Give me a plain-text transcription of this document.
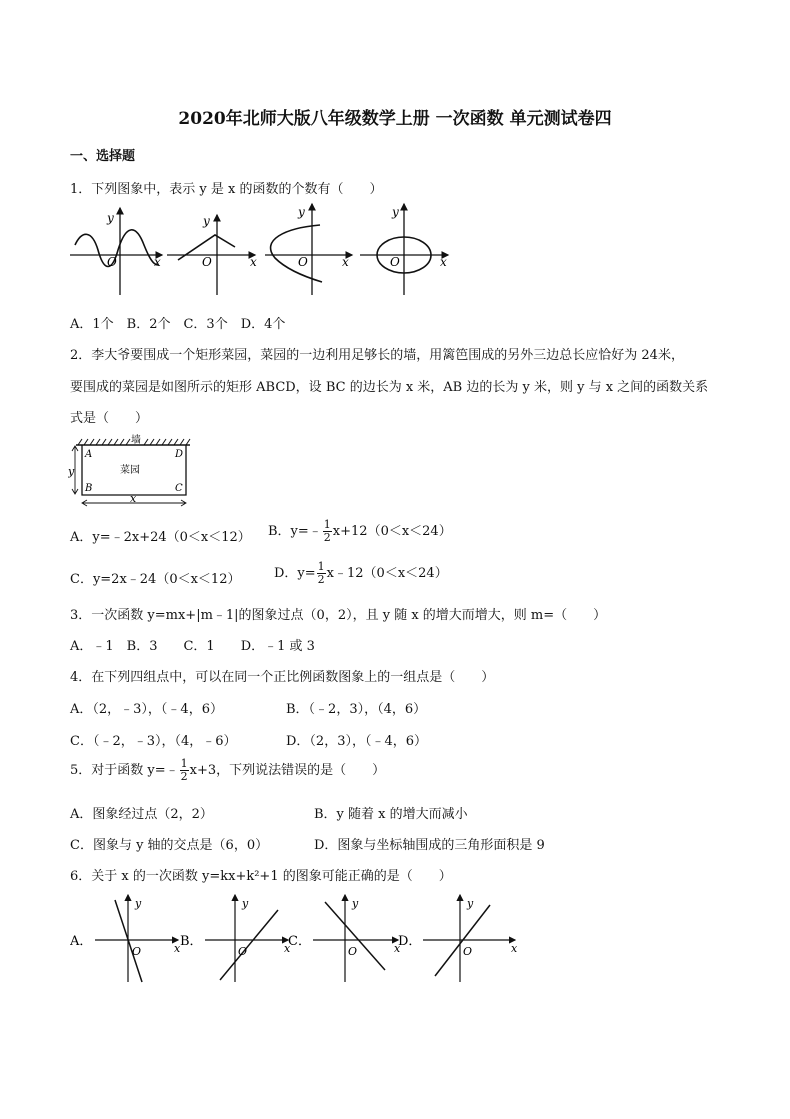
2020年北师大版八年级数学上册 一次函数 单元测试卷四
一、选择题
1．下列图象中，表示 y 是 x 的函数的个数有（　　）
y
x
O
y
x
O
y
x
O
y
x
O
A．1个　B．2个　C．3个　D．4个
2．李大爷要围成一个矩形菜园，菜园的一边利用足够长的墙，用篱笆围成的另外三边总长应恰好为 24米，
要围成的菜园是如图所示的矩形 ABCD，设 BC 的边长为 x 米，AB 边的长为 y 米，则 y 与 x 之间的函数关系
式是（　　）
墙
A	D
B	C
菜园
y
x
A．y=﹣2x+24（0＜x＜12） B．y=﹣ $\frac{1}{2} x+12(0<x<24)$
C．y=2x﹣24（0＜x＜12）	D．$y= \frac{1}{2}$ x﹣12（0＜x＜24）
3．一次函数 y=mx+|m﹣1|的图象过点（0，2），且 y 随 x 的增大而增大，则 m=（　　）
A．﹣1　B．3　　C．1　　D．﹣1 或 3
4．在下列四组点中，可以在同一个正比例函数图象上的一组点是（　　）
A．（2，﹣3），（﹣4，6）	B．（﹣2，3），（4，6）
C．（﹣2，﹣3），（4，﹣6）	D．（2，3），（﹣4，6）
5．对于函数 y=﹣ $\frac{1}{2} x+3$，下列说法错误的是（　　）
A．图象经过点（2，2）	B．y 随着 x 的增大而减小
C．图象与 y 轴的交点是（6，0）	D．图象与坐标轴围成的三角形面积是 9
6．关于 x 的一次函数 y=kx+k²+1 的图象可能正确的是（　　）
A．
y
x
O
B．
y
x
O
C．
y
x
O
D．
y
x
O
